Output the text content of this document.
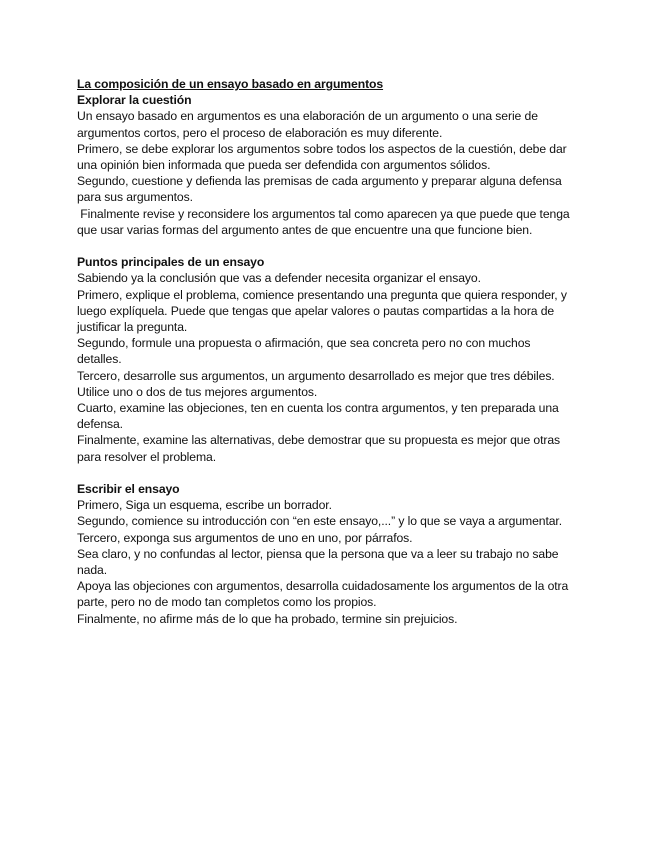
La composición de un ensayo basado en argumentos

Explorar la cuestión

Un ensayo basado en argumentos es una elaboración de un argumento o una serie de argumentos cortos, pero el proceso de elaboración es muy diferente.

Primero, se debe explorar los argumentos sobre todos los aspectos de la cuestión, debe dar una opinión bien informada que pueda ser defendida con argumentos sólidos.

Segundo, cuestione y defienda las premisas de cada argumento y preparar alguna defensa para sus argumentos.

Finalmente revise y reconsidere los argumentos tal como aparecen ya que puede que tenga que usar varias formas del argumento antes de que encuentre una que funcione bien.

Puntos principales de un ensayo

Sabiendo ya la conclusión que vas a defender necesita organizar el ensayo.

Primero, explique el problema, comience presentando una pregunta que quiera responder, y luego explíquela. Puede que tengas que apelar valores o pautas compartidas a la hora de justificar la pregunta.

Segundo, formule una propuesta o afirmación, que sea concreta pero no con muchos detalles.

Tercero, desarrolle sus argumentos, un argumento desarrollado es mejor que tres débiles. Utilice uno o dos de tus mejores argumentos.

Cuarto, examine las objeciones, ten en cuenta los contra argumentos, y ten preparada una defensa.

Finalmente, examine las alternativas, debe demostrar que su propuesta es mejor que otras para resolver el problema.

Escribir el ensayo

Primero, Siga un esquema, escribe un borrador.

Segundo, comience su introducción con “en este ensayo,...” y lo que se vaya a argumentar.

Tercero, exponga sus argumentos de uno en uno, por párrafos.

Sea claro, y no confundas al lector, piensa que la persona que va a leer su trabajo no sabe nada.

Apoya las objeciones con argumentos, desarrolla cuidadosamente los argumentos de la otra parte, pero no de modo tan completos como los propios.

Finalmente, no afirme más de lo que ha probado, termine sin prejuicios.
